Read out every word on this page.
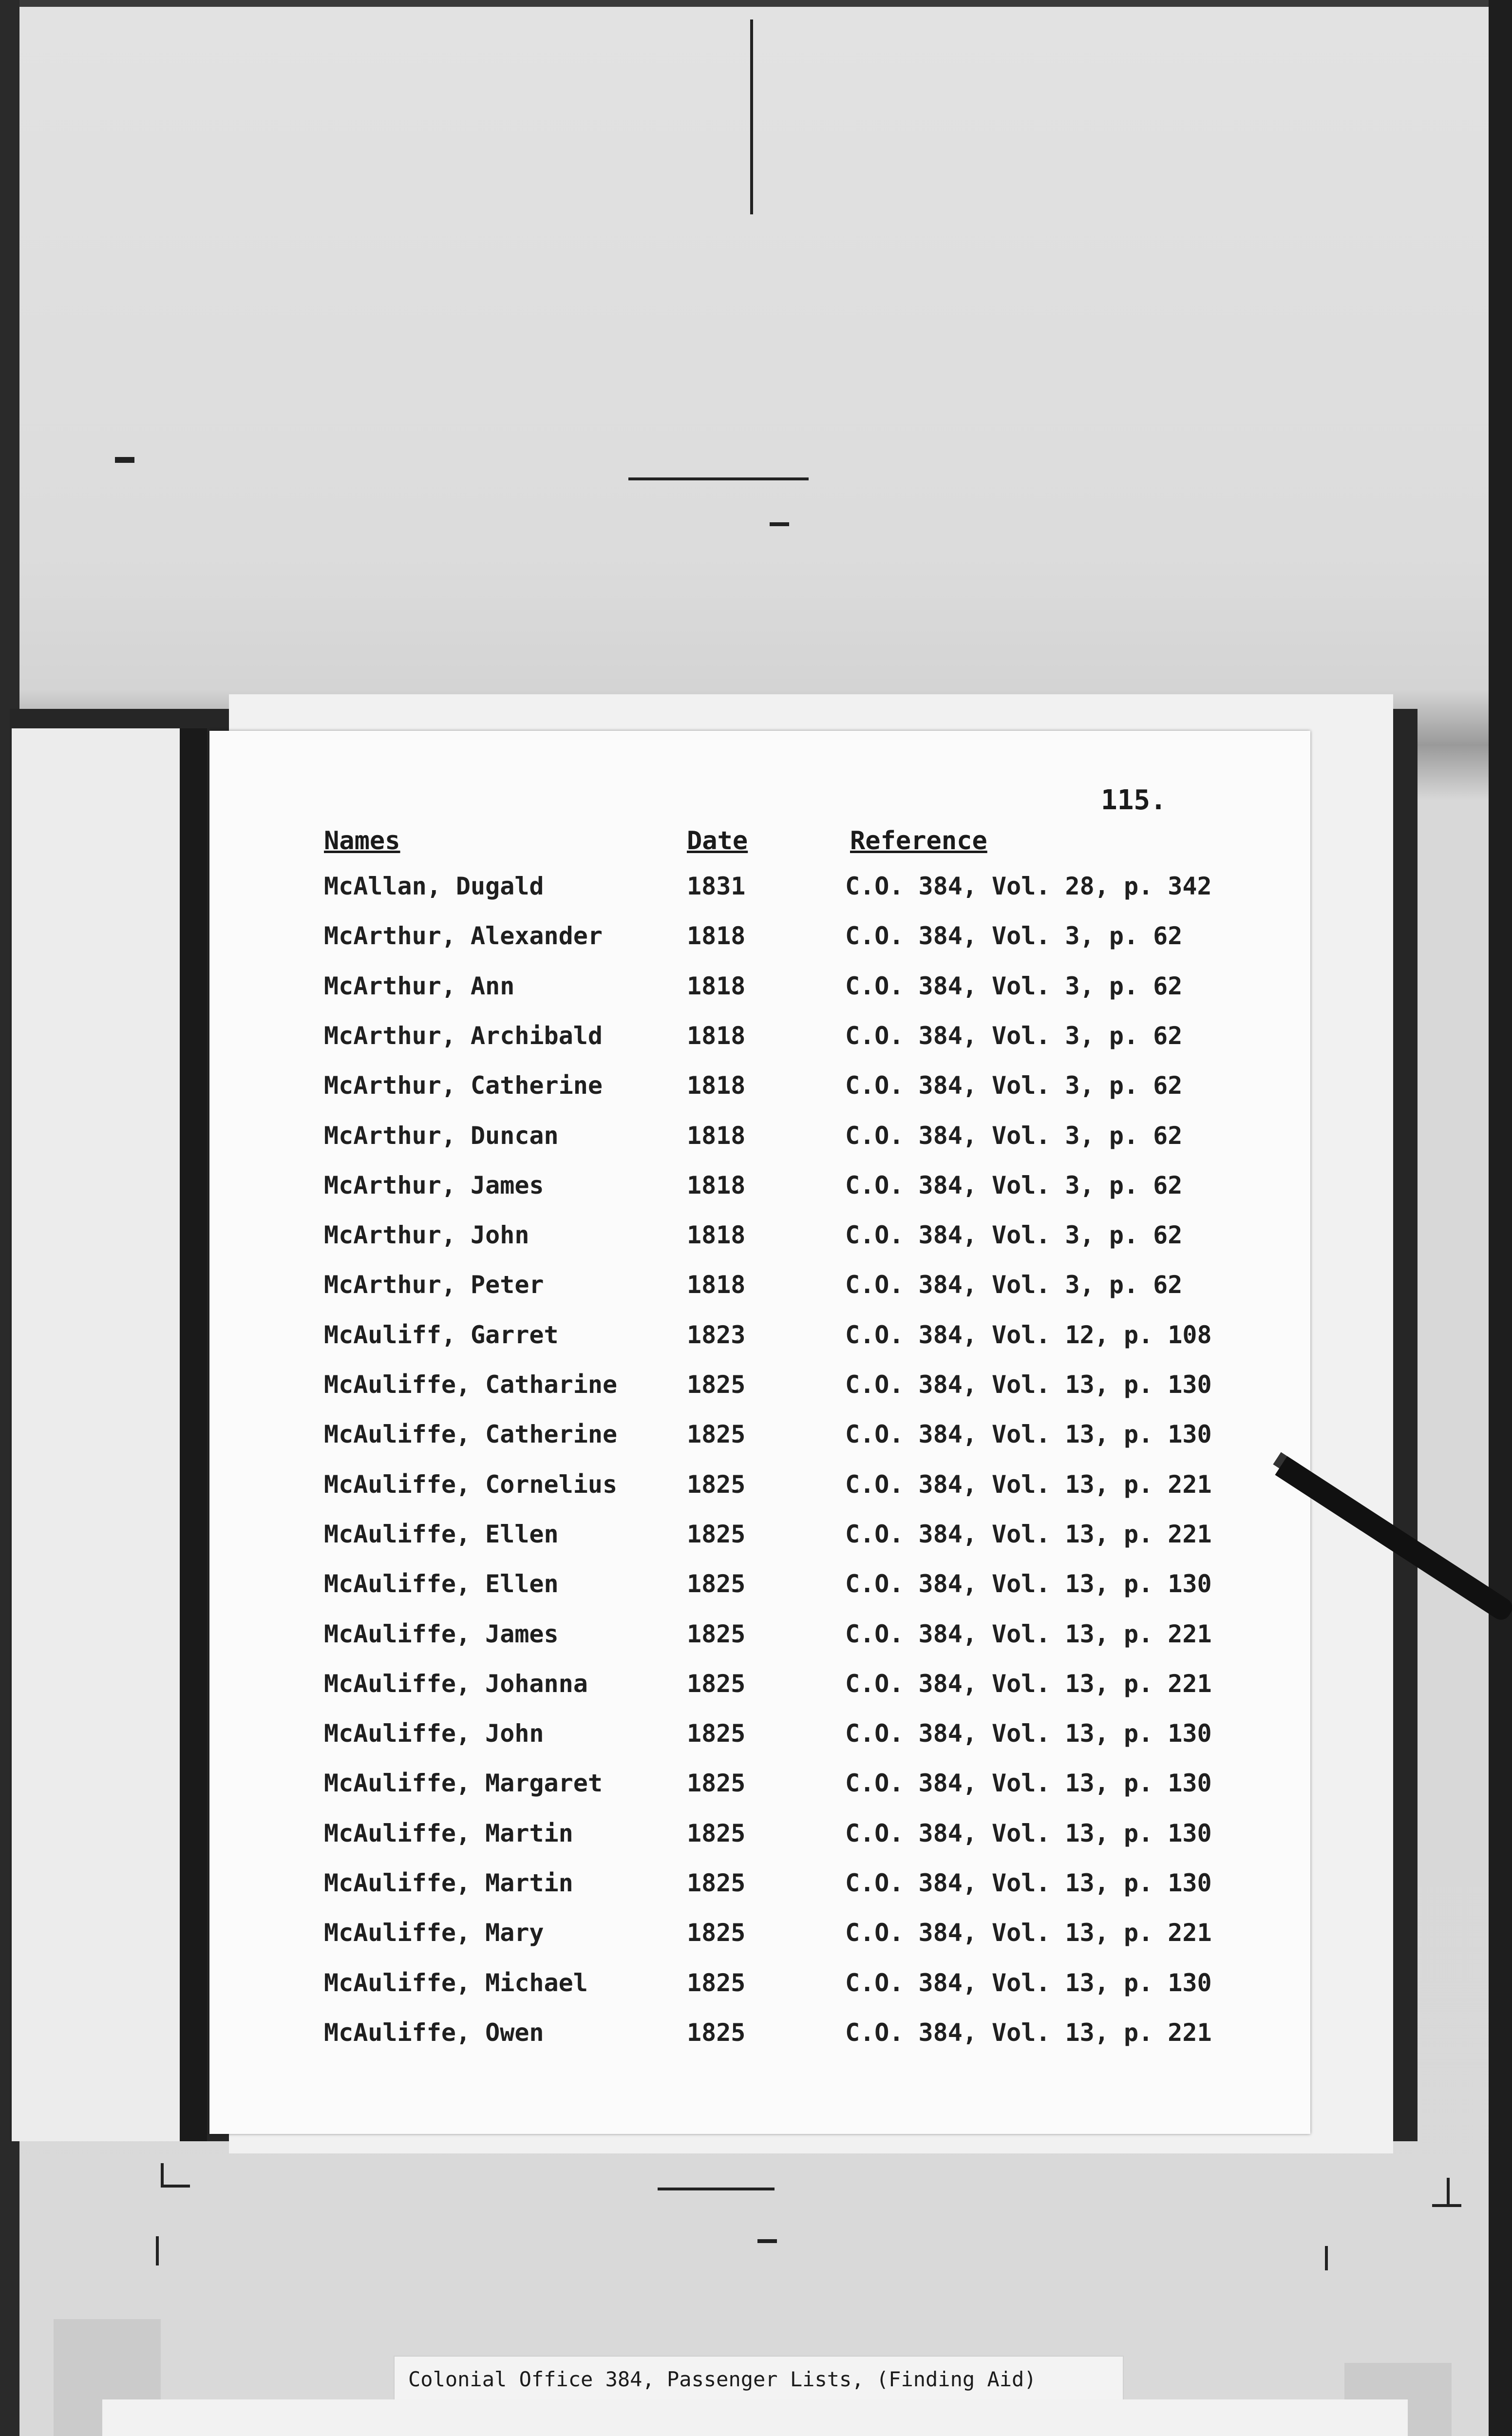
115.
Names	Date	Reference
McAllan, Dugald	1831	C.O. 384, Vol. 28, p. 342
McArthur, Alexander	1818	C.O. 384, Vol. 3, p. 62
McArthur, Ann	1818	C.O. 384, Vol. 3, p. 62
McArthur, Archibald	1818	C.O. 384, Vol. 3, p. 62
McArthur, Catherine	1818	C.O. 384, Vol. 3, p. 62
McArthur, Duncan	1818	C.O. 384, Vol. 3, p. 62
McArthur, James	1818	C.O. 384, Vol. 3, p. 62
McArthur, John	1818	C.O. 384, Vol. 3, p. 62
McArthur, Peter	1818	C.O. 384, Vol. 3, p. 62
McAuliff, Garret	1823	C.O. 384, Vol. 12, p. 108
McAuliffe, Catharine	1825	C.O. 384, Vol. 13, p. 130
McAuliffe, Catherine	1825	C.O. 384, Vol. 13, p. 130
McAuliffe, Cornelius	1825	C.O. 384, Vol. 13, p. 221
McAuliffe, Ellen	1825	C.O. 384, Vol. 13, p. 221
McAuliffe, Ellen	1825	C.O. 384, Vol. 13, p. 130
McAuliffe, James	1825	C.O. 384, Vol. 13, p. 221
McAuliffe, Johanna	1825	C.O. 384, Vol. 13, p. 221
McAuliffe, John	1825	C.O. 384, Vol. 13, p. 130
McAuliffe, Margaret	1825	C.O. 384, Vol. 13, p. 130
McAuliffe, Martin	1825	C.O. 384, Vol. 13, p. 130
McAuliffe, Martin	1825	C.O. 384, Vol. 13, p. 130
McAuliffe, Mary	1825	C.O. 384, Vol. 13, p. 221
McAuliffe, Michael	1825	C.O. 384, Vol. 13, p. 130
McAuliffe, Owen	1825	C.O. 384, Vol. 13, p. 221
Colonial Office 384, Passenger Lists, (Finding Aid)
